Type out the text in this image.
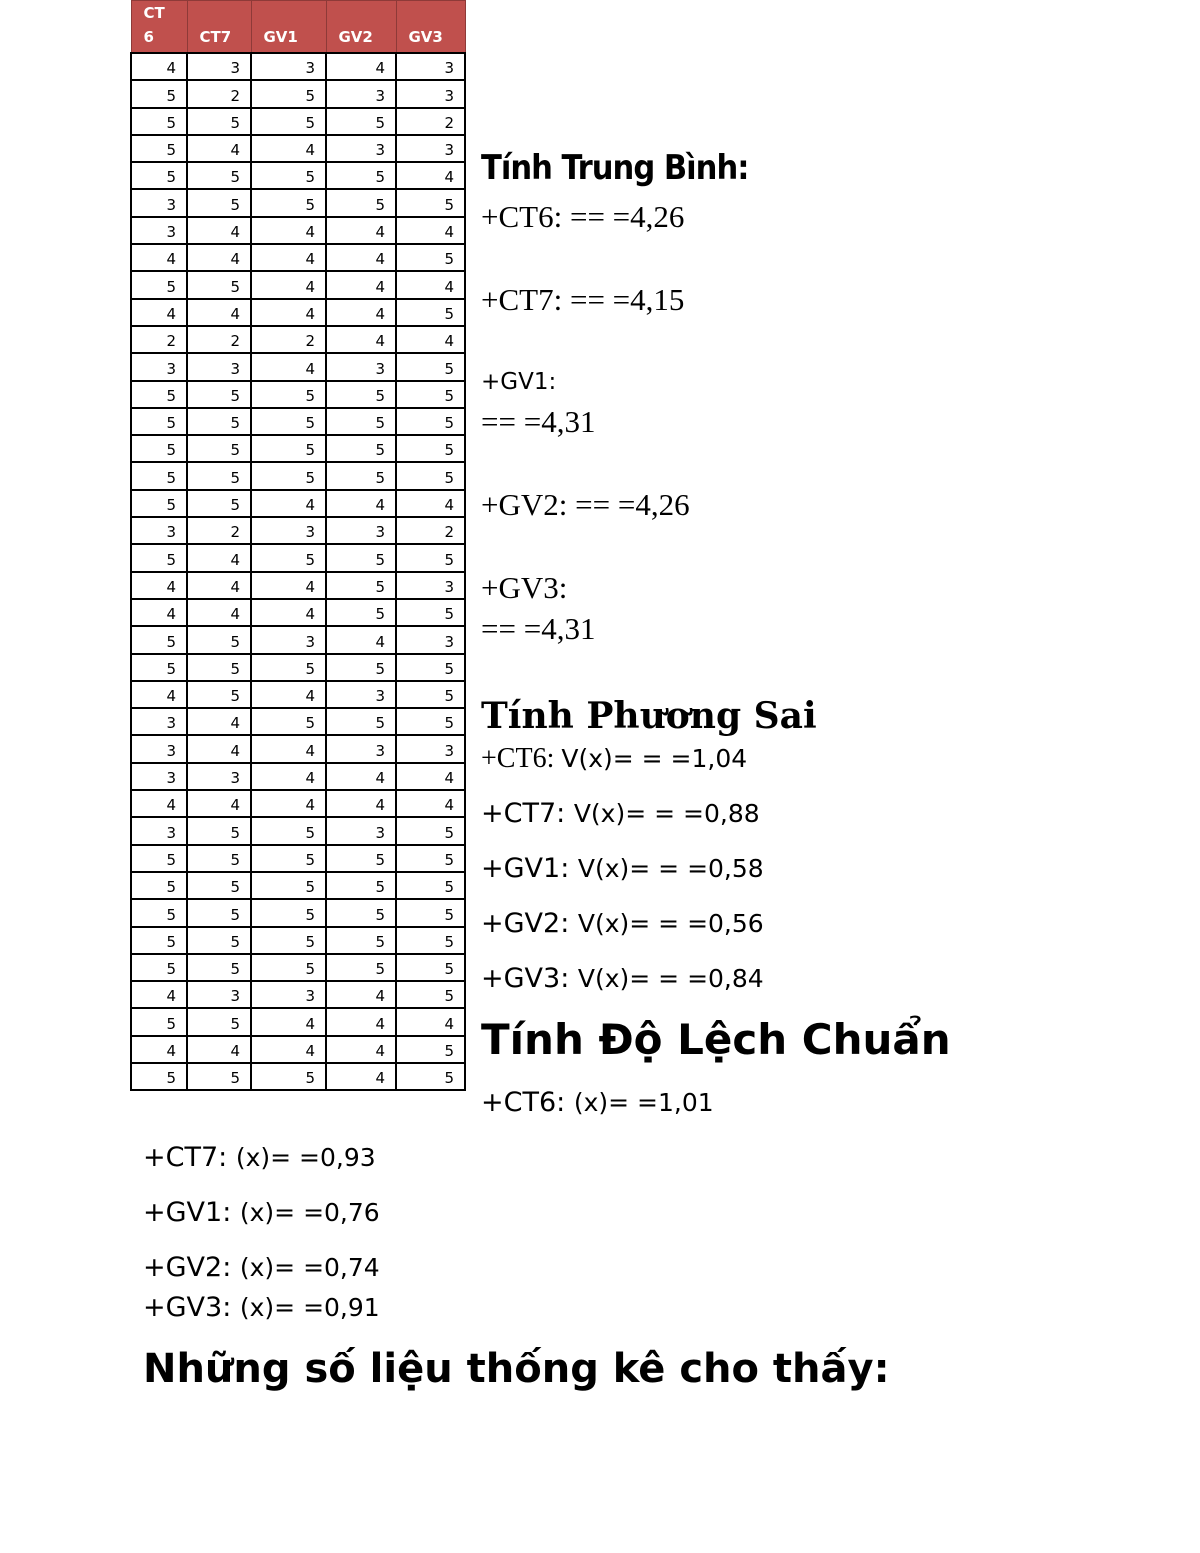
CT 6	CT7	GV1	GV2	GV3
4	3	3	4	3
5	2	5	3	3
5	5	5	5	2
5	4	4	3	3
5	5	5	5	4
3	5	5	5	5
3	4	4	4	4
4	4	4	4	5
5	5	4	4	4
4	4	4	4	5
2	2	2	4	4
3	3	4	3	5
5	5	5	5	5
5	5	5	5	5
5	5	5	5	5
5	5	5	5	5
5	5	4	4	4
3	2	3	3	2
5	4	5	5	5
4	4	4	5	3
4	4	4	5	5
5	5	3	4	3
5	5	5	5	5
4	5	4	3	5
3	4	5	5	5
3	4	4	3	3
3	3	4	4	4
4	4	4	4	4
3	5	5	3	5
5	5	5	5	5
5	5	5	5	5
5	5	5	5	5
5	5	5	5	5
5	5	5	5	5
4	3	3	4	5
5	5	4	4	4
4	4	4	4	5
5	5	5	4	5
Tính Trung Bình:
+CT6: == =4,26
+CT7: == =4,15
+GV1:
== =4,31
+GV2: == =4,26
+GV3:
== =4,31
Tính Phương Sai
+CT6: V(x)= = =1,04
+CT7: V(x)= = =0,88
+GV1: V(x)= = =0,58
+GV2: V(x)= = =0,56
+GV3: V(x)= = =0,84
Tính Độ Lệch Chuẩn
+CT6: (x)= =1,01
+CT7: (x)= =0,93
+GV1: (x)= =0,76
+GV2: (x)= =0,74
+GV3: (x)= =0,91
Những số liệu thống kê cho thấy:
